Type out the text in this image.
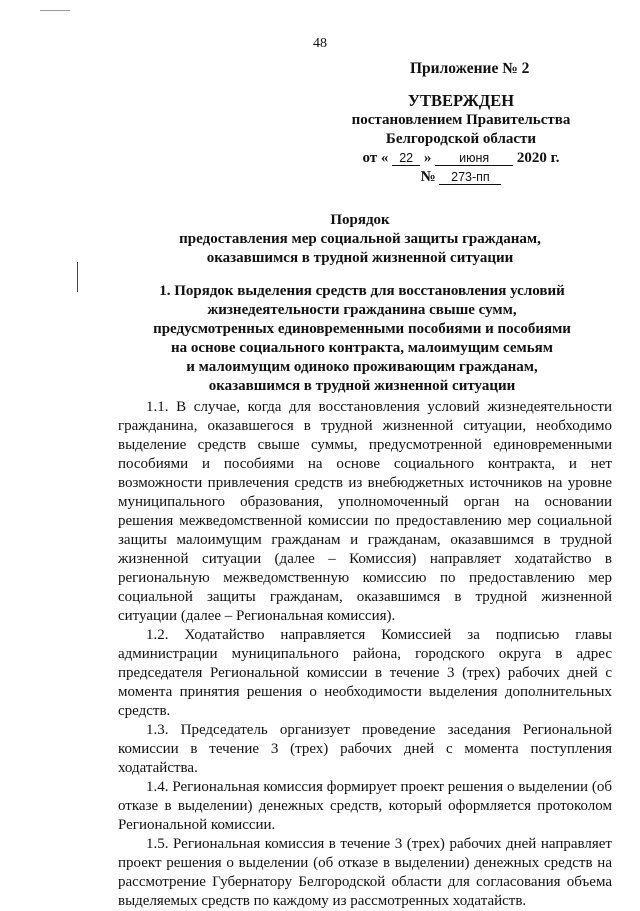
48
Приложение № 2
УТВЕРЖДЕН
постановлением Правительства
Белгородской области
от « 22 » июня 2020 г.
№ 273-пп
Порядок
предоставления мер социальной защиты гражданам,
оказавшимся в трудной жизненной ситуации
1. Порядок выделения средств для восстановления условий
жизнедеятельности гражданина свыше сумм,
предусмотренных единовременными пособиями и пособиями
на основе социального контракта, малоимущим семьям
и малоимущим одиноко проживающим гражданам,
оказавшимся в трудной жизненной ситуации

1.1. В случае, когда для восстановления условий жизнедеятельности гражданина, оказавшегося в трудной жизненной ситуации, необходимо выделение средств свыше суммы, предусмотренной единовременными пособиями и пособиями на основе социального контракта, и нет возможности привлечения средств из внебюджетных источников на уровне муниципального образования, уполномоченный орган на основании решения межведомственной комиссии по предоставлению мер социальной защиты малоимущим гражданам и гражданам, оказавшимся в трудной жизненной ситуации (далее – Комиссия) направляет ходатайство в региональную межведомственную комиссию по предоставлению мер социальной защиты гражданам, оказавшимся в трудной жизненной ситуации (далее – Региональная комиссия).

1.2. Ходатайство направляется Комиссией за подписью главы администрации муниципального района, городского округа в адрес председателя Региональной комиссии в течение 3 (трех) рабочих дней с момента принятия решения о необходимости выделения дополнительных средств.

1.3. Председатель организует проведение заседания Региональной комиссии в течение 3 (трех) рабочих дней с момента поступления ходатайства.

1.4. Региональная комиссия формирует проект решения о выделении (об отказе в выделении) денежных средств, который оформляется протоколом Региональной комиссии.

1.5. Региональная комиссия в течение 3 (трех) рабочих дней направляет проект решения о выделении (об отказе в выделении) денежных средств на рассмотрение Губернатору Белгородской области для согласования объема выделяемых средств по каждому из рассмотренных ходатайств.
